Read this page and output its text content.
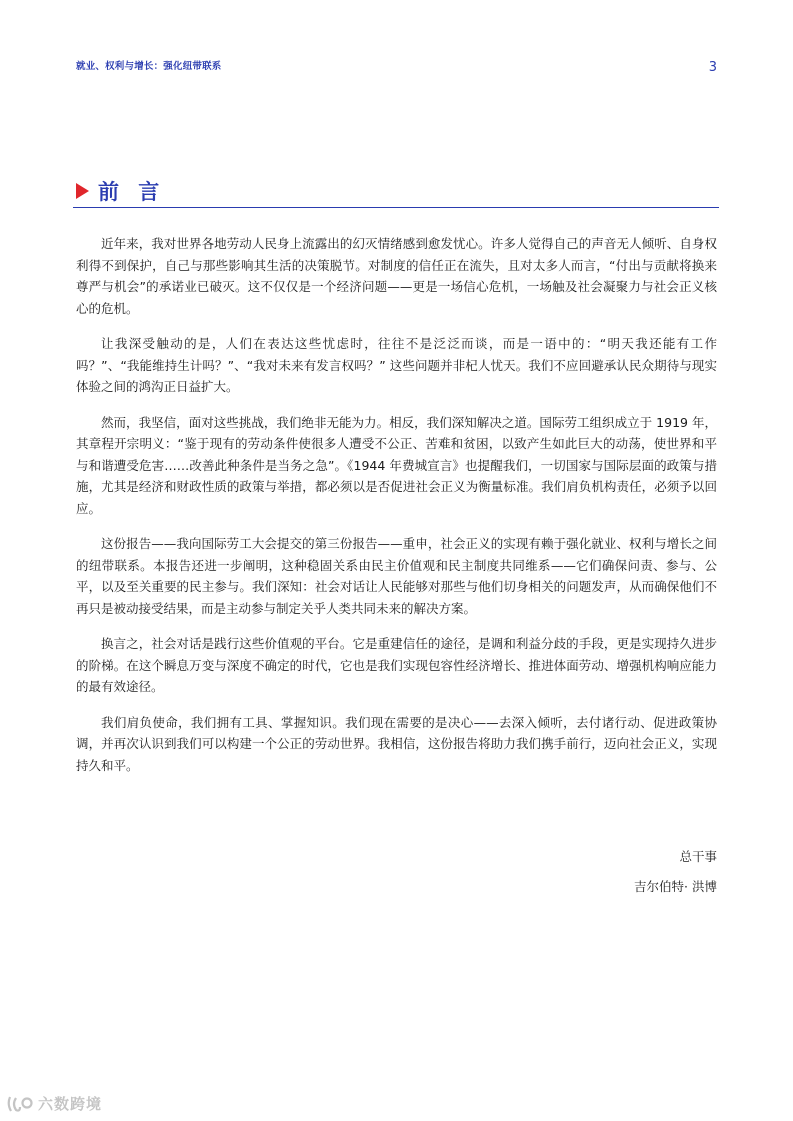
就业、权利与增长：强化纽带联系	3
前 言

近年来，我对世界各地劳动人民身上流露出的幻灭情绪感到愈发忧心。许多人觉得自己的声音无人倾听、自身权利得不到保护，自己与那些影响其生活的决策脱节。对制度的信任正在流失，且对太多人而言，“付出与贡献将换来尊严与机会”的承诺业已破灭。这不仅仅是一个经济问题——更是一场信心危机，一场触及社会凝聚力与社会正义核心的危机。

让我深受触动的是，人们在表达这些忧虑时，往往不是泛泛而谈，而是一语中的：“明天我还能有工作吗？”、“我能维持生计吗？”、“我对未来有发言权吗？” 这些问题并非杞人忧天。我们不应回避承认民众期待与现实体验之间的鸿沟正日益扩大。

然而，我坚信，面对这些挑战，我们绝非无能为力。相反，我们深知解决之道。国际劳工组织成立于 1919 年，其章程开宗明义：“鉴于现有的劳动条件使很多人遭受不公正、苦难和贫困，以致产生如此巨大的动荡，使世界和平与和谐遭受危害……改善此种条件是当务之急”。《1944 年费城宣言》也提醒我们，一切国家与国际层面的政策与措施，尤其是经济和财政性质的政策与举措，都必须以是否促进社会正义为衡量标准。我们肩负机构责任，必须予以回应。

这份报告——我向国际劳工大会提交的第三份报告——重申，社会正义的实现有赖于强化就业、权利与增长之间的纽带联系。本报告还进一步阐明，这种稳固关系由民主价值观和民主制度共同维系——它们确保问责、参与、公平，以及至关重要的民主参与。我们深知：社会对话让人民能够对那些与他们切身相关的问题发声，从而确保他们不再只是被动接受结果，而是主动参与制定关乎人类共同未来的解决方案。

换言之，社会对话是践行这些价值观的平台。它是重建信任的途径，是调和利益分歧的手段，更是实现持久进步的阶梯。在这个瞬息万变与深度不确定的时代，它也是我们实现包容性经济增长、推进体面劳动、增强机构响应能力的最有效途径。

我们肩负使命，我们拥有工具、掌握知识。我们现在需要的是决心——去深入倾听，去付诸行动、促进政策协调，并再次认识到我们可以构建一个公正的劳动世界。我相信，这份报告将助力我们携手前行，迈向社会正义，实现持久和平。

总干事
吉尔伯特· 洪博
六数跨境
